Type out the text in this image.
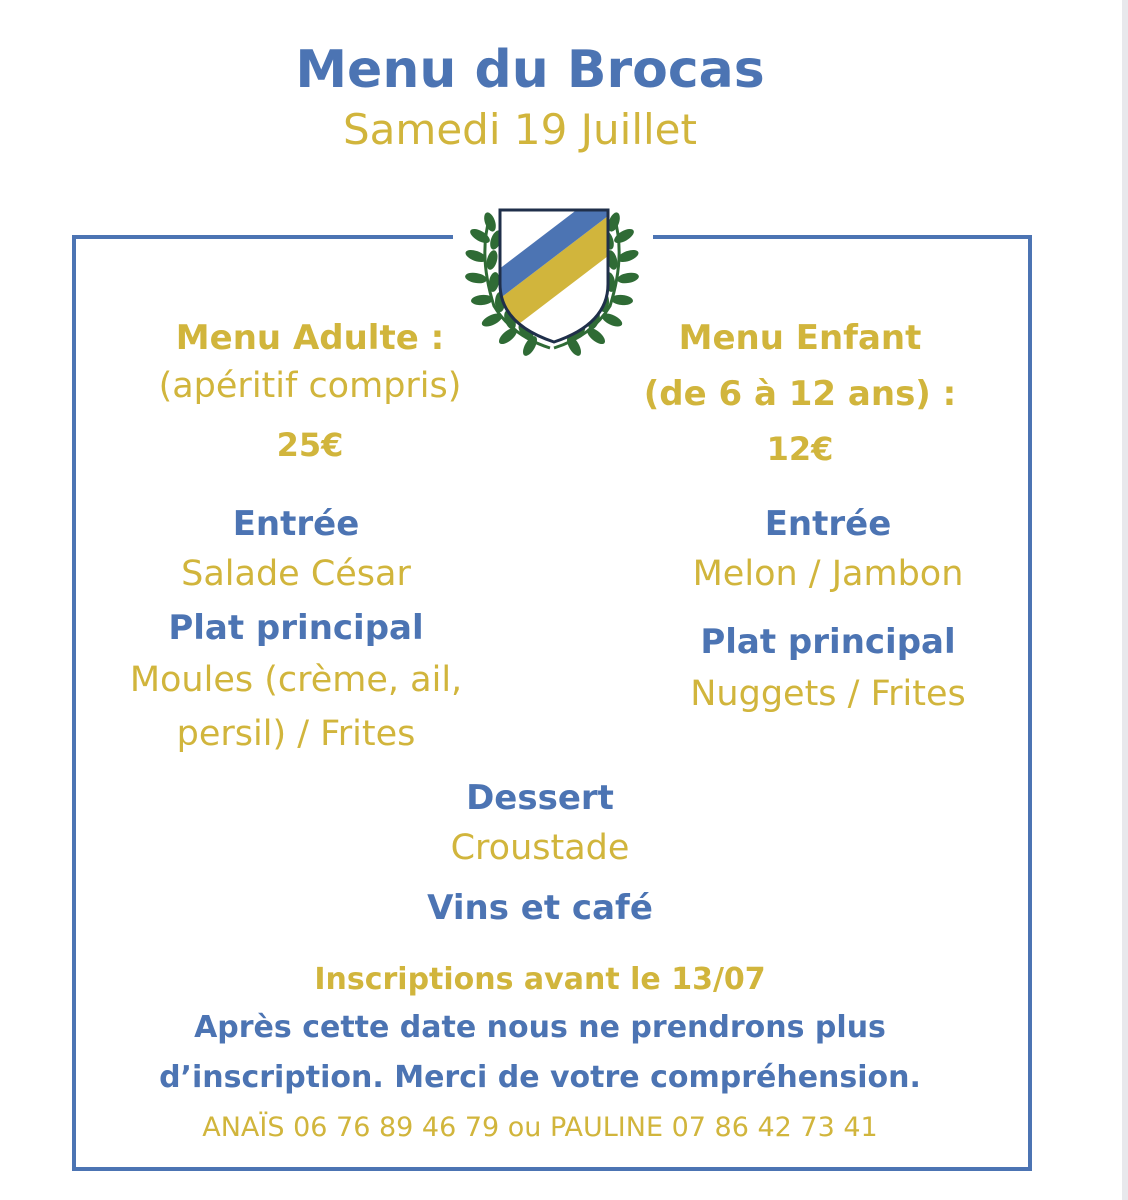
Menu du Brocas
Samedi 19 Juillet
Menu Adulte :
(apéritif compris)
25€
Entrée
Salade César
Plat principal
Moules (crème, ail,
persil) / Frites
Menu Enfant
(de 6 à 12 ans) :
12€
Entrée
Melon / Jambon
Plat principal
Nuggets / Frites
Dessert
Croustade
Vins et café
Inscriptions avant le 13/07
Après cette date nous ne prendrons plus
d’inscription. Merci de votre compréhension.
ANAÏS 06 76 89 46 79 ou PAULINE 07 86 42 73 41
